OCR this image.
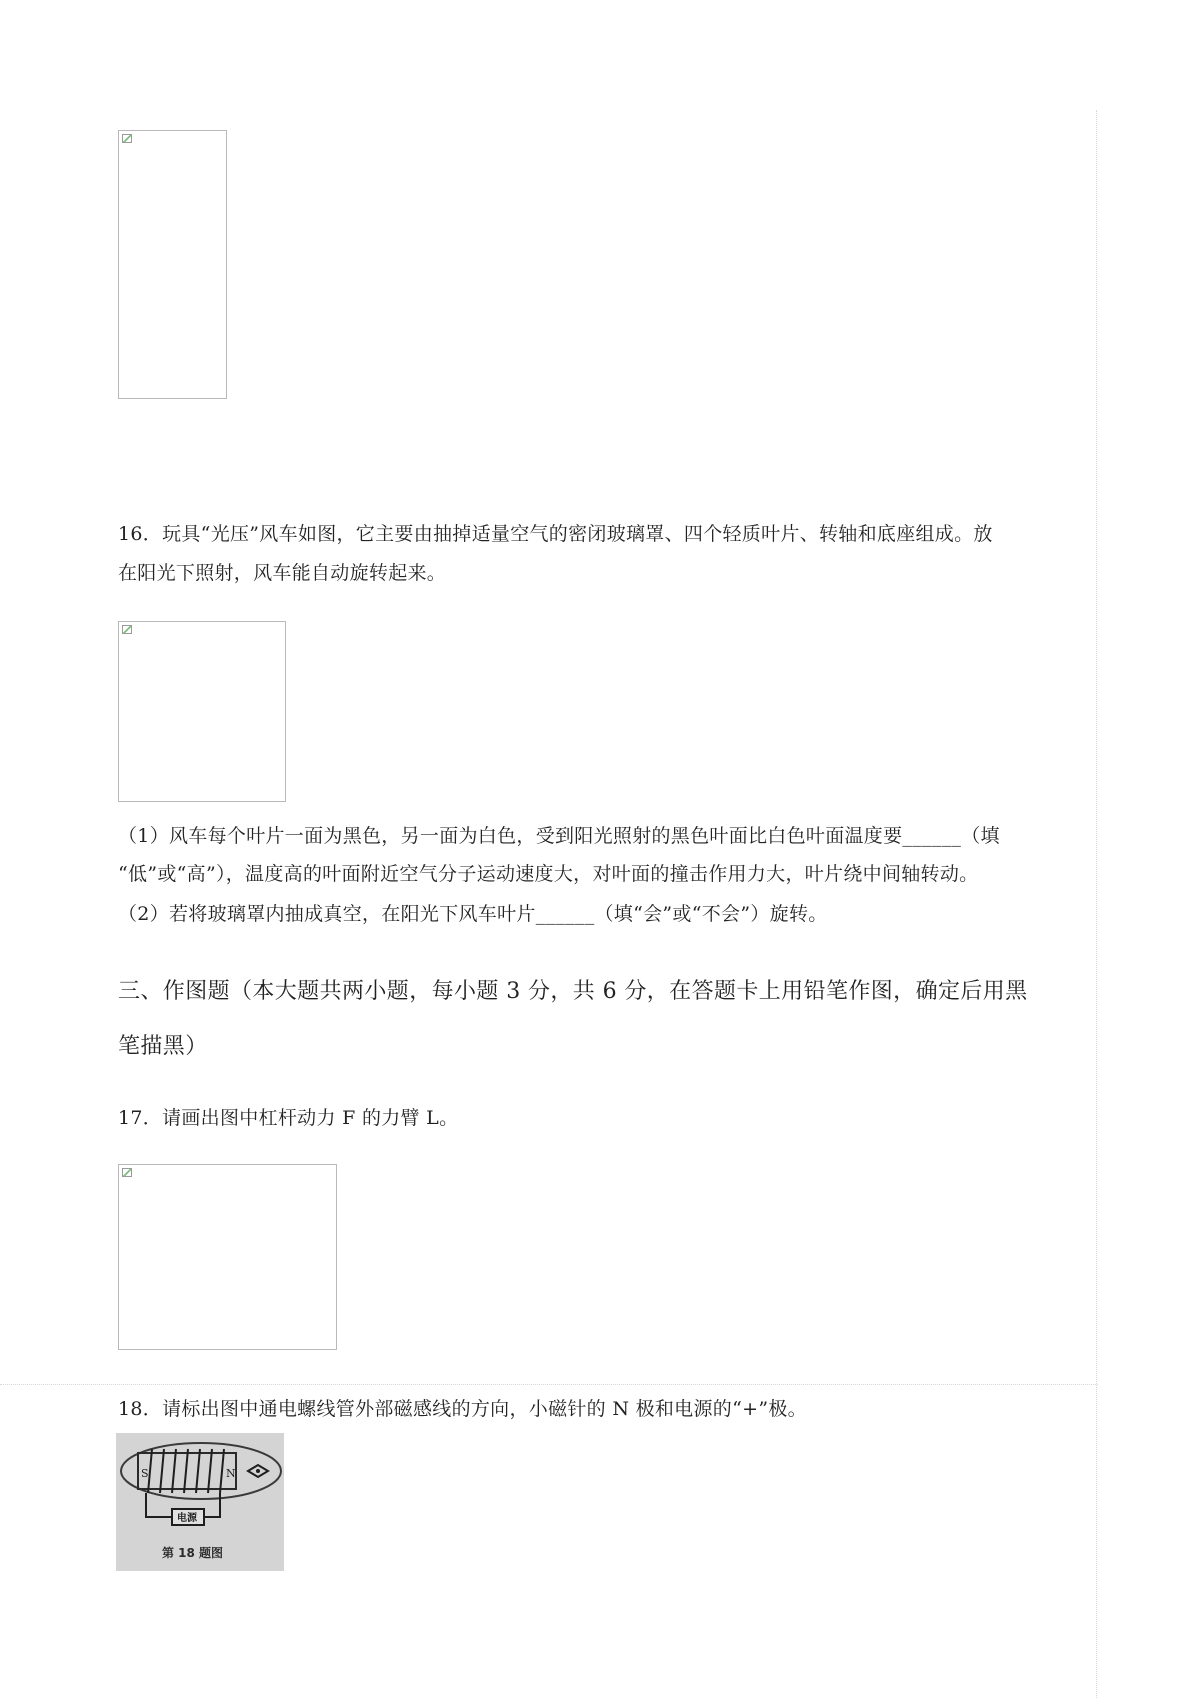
16．玩具“光压”风车如图，它主要由抽掉适量空气的密闭玻璃罩、四个轻质叶片、转轴和底座组成。放
在阳光下照射，风车能自动旋转起来。
（1）风车每个叶片一面为黑色，另一面为白色，受到阳光照射的黑色叶面比白色叶面温度要______（填
“低”或“高”），温度高的叶面附近空气分子运动速度大，对叶面的撞击作用力大，叶片绕中间轴转动。
（2）若将玻璃罩内抽成真空，在阳光下风车叶片______（填“会”或“不会”）旋转。
三、作图题（本大题共两小题，每小题 3 分，共 6 分，在答题卡上用铅笔作图，确定后用黑
笔描黑）
17．请画出图中杠杆动力 F 的力臂 L。
18．请标出图中通电螺线管外部磁感线的方向，小磁针的 N 极和电源的“+”极。
S	N
电源
第 18 题图
